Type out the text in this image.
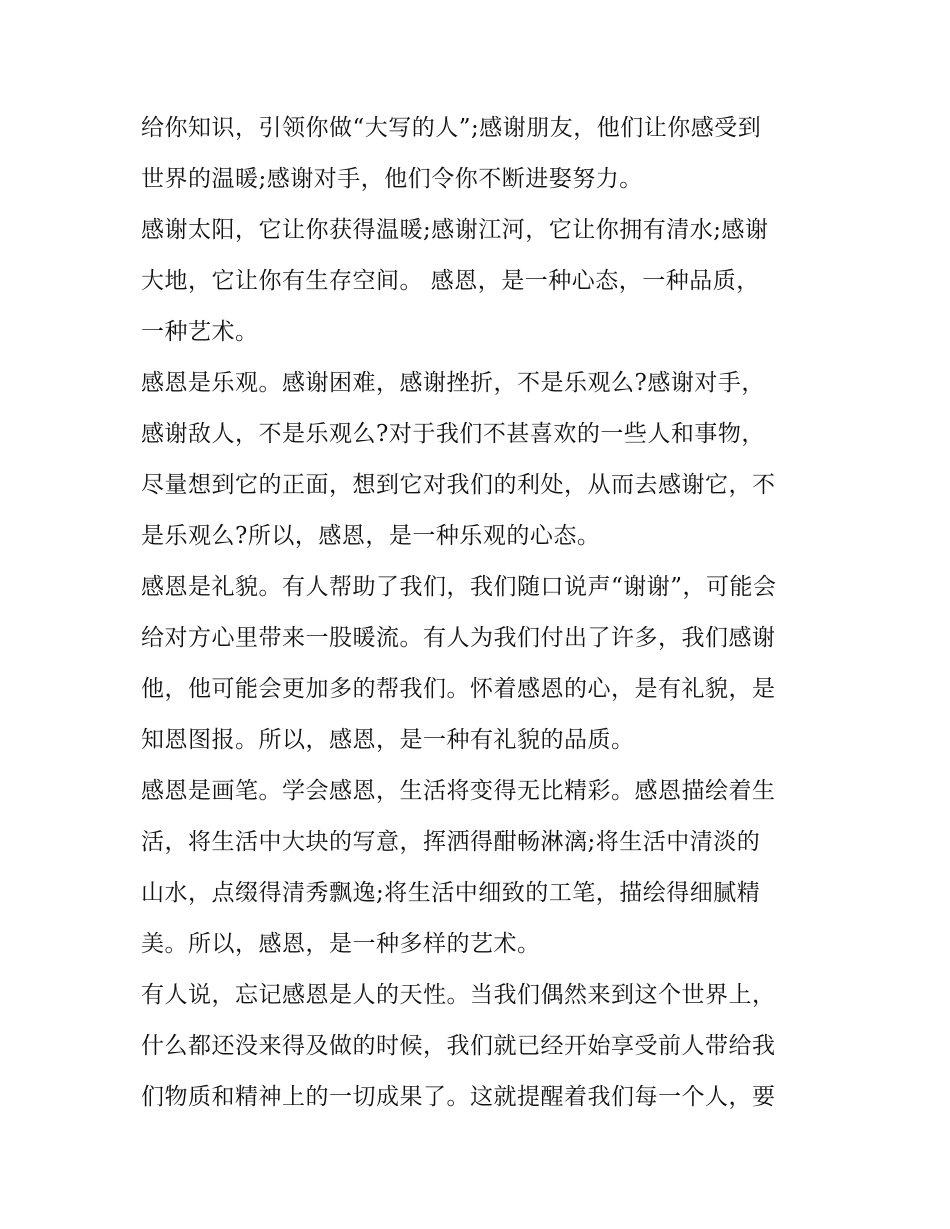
给你知识，引领你做“大写的人”;感谢朋友，他们让你感受到
世界的温暖;感谢对手，他们令你不断进娶努力。
感谢太阳，它让你获得温暖;感谢江河，它让你拥有清水;感谢
大地，它让你有生存空间。 感恩，是一种心态，一种品质，
一种艺术。
感恩是乐观。感谢困难，感谢挫折，不是乐观么?感谢对手，
感谢敌人，不是乐观么?对于我们不甚喜欢的一些人和事物，
尽量想到它的正面，想到它对我们的利处，从而去感谢它，不
是乐观么?所以，感恩，是一种乐观的心态。
感恩是礼貌。有人帮助了我们，我们随口说声“谢谢”，可能会
给对方心里带来一股暖流。有人为我们付出了许多，我们感谢
他，他可能会更加多的帮我们。怀着感恩的心，是有礼貌，是
知恩图报。所以，感恩，是一种有礼貌的品质。
感恩是画笔。学会感恩，生活将变得无比精彩。感恩描绘着生
活，将生活中大块的写意，挥洒得酣畅淋漓;将生活中清淡的
山水，点缀得清秀飘逸;将生活中细致的工笔，描绘得细腻精
美。所以，感恩，是一种多样的艺术。
有人说，忘记感恩是人的天性。当我们偶然来到这个世界上，
什么都还没来得及做的时候，我们就已经开始享受前人带给我
们物质和精神上的一切成果了。这就提醒着我们每一个人，要
